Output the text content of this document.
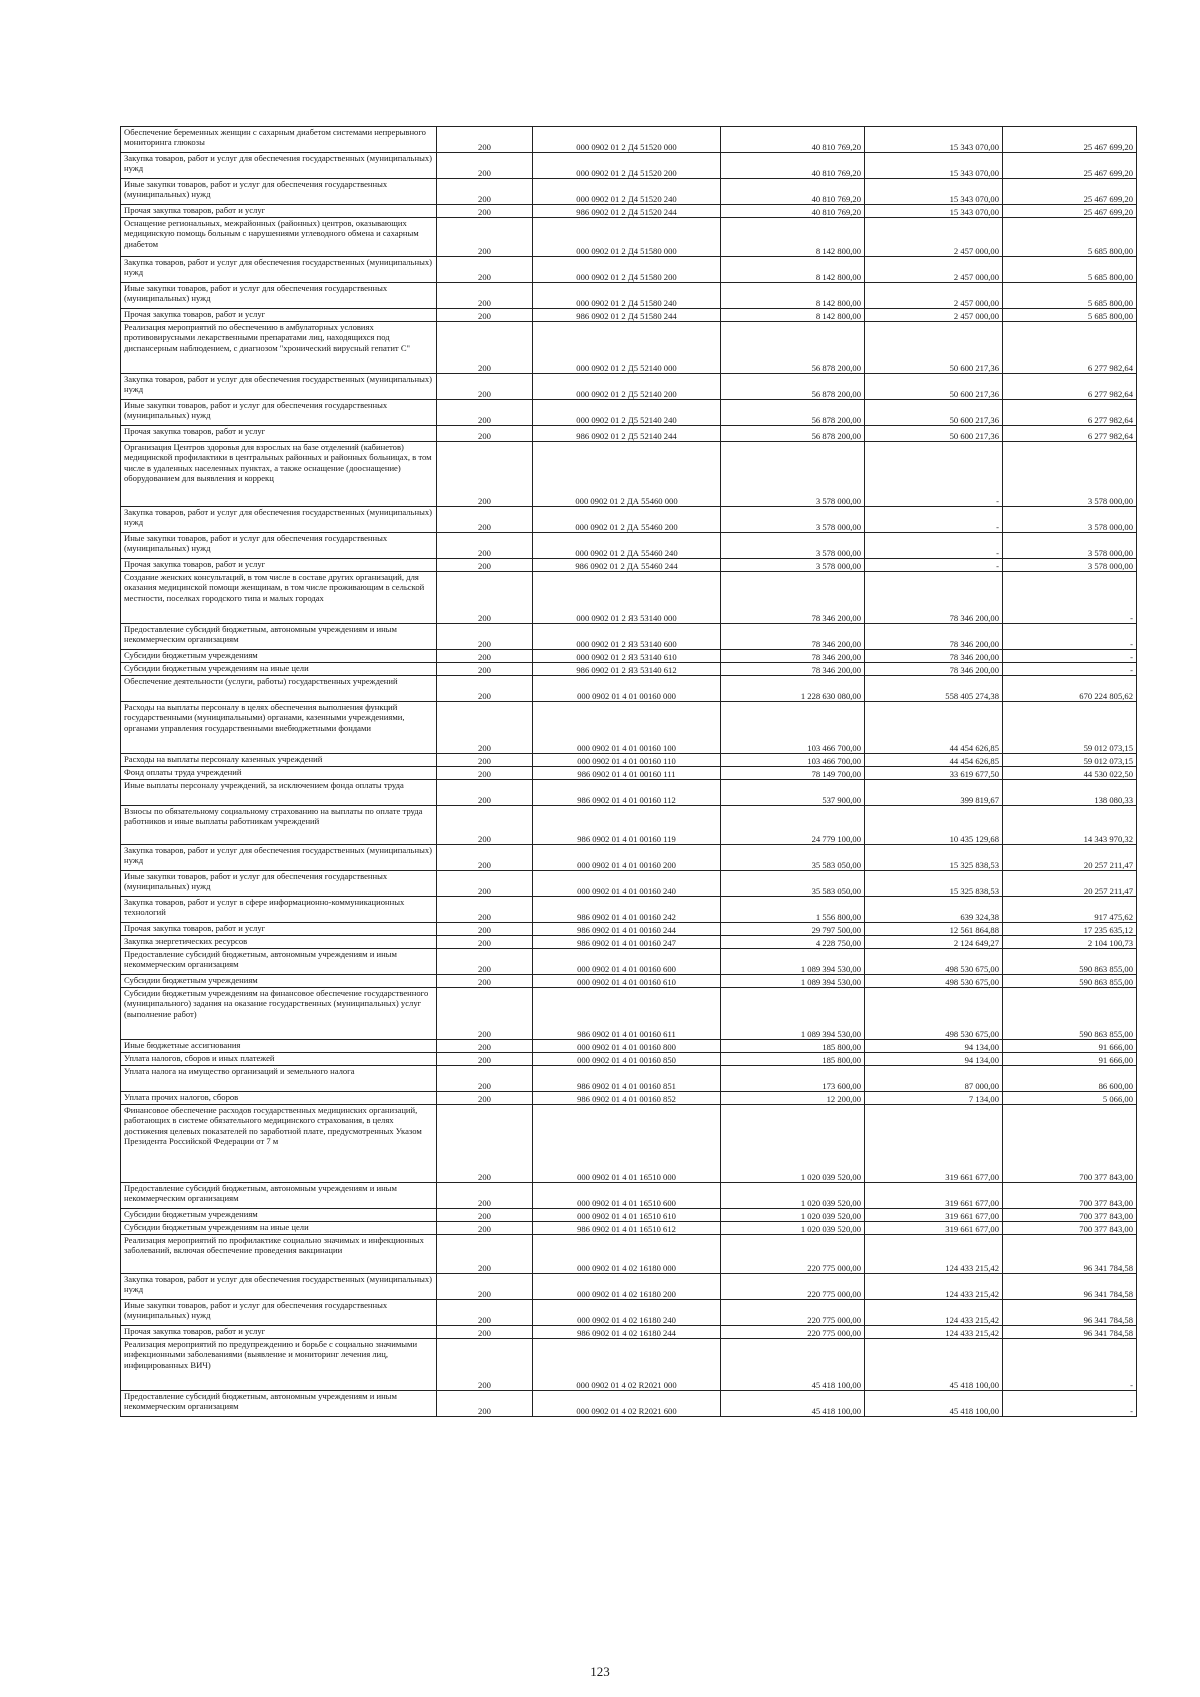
Обеспечение беременных женщин с сахарным диабетом системами непрерывного мониторинга глюкозы	200	000 0902 01 2 Д4 51520 000	40 810 769,20	15 343 070,00	25 467 699,20
Закупка товаров, работ и услуг для обеспечения государственных (муниципальных) нужд	200	000 0902 01 2 Д4 51520 200	40 810 769,20	15 343 070,00	25 467 699,20
Иные закупки товаров, работ и услуг для обеспечения государственных (муниципальных) нужд	200	000 0902 01 2 Д4 51520 240	40 810 769,20	15 343 070,00	25 467 699,20
Прочая закупка товаров, работ и услуг	200	986 0902 01 2 Д4 51520 244	40 810 769,20	15 343 070,00	25 467 699,20
Оснащение региональных, межрайонных (районных) центров, оказывающих медицинскую помощь больным с нарушениями углеводного обмена и сахарным диабетом	200	000 0902 01 2 Д4 51580 000	8 142 800,00	2 457 000,00	5 685 800,00
Закупка товаров, работ и услуг для обеспечения государственных (муниципальных) нужд	200	000 0902 01 2 Д4 51580 200	8 142 800,00	2 457 000,00	5 685 800,00
Иные закупки товаров, работ и услуг для обеспечения государственных (муниципальных) нужд	200	000 0902 01 2 Д4 51580 240	8 142 800,00	2 457 000,00	5 685 800,00
Прочая закупка товаров, работ и услуг	200	986 0902 01 2 Д4 51580 244	8 142 800,00	2 457 000,00	5 685 800,00
Реализация мероприятий по обеспечению в амбулаторных условиях противовирусными лекарственными препаратами лиц, находящихся под диспансерным наблюдением, с диагнозом "хронический вирусный гепатит С"	200	000 0902 01 2 Д5 52140 000	56 878 200,00	50 600 217,36	6 277 982,64
Закупка товаров, работ и услуг для обеспечения государственных (муниципальных) нужд	200	000 0902 01 2 Д5 52140 200	56 878 200,00	50 600 217,36	6 277 982,64
Иные закупки товаров, работ и услуг для обеспечения государственных (муниципальных) нужд	200	000 0902 01 2 Д5 52140 240	56 878 200,00	50 600 217,36	6 277 982,64
Прочая закупка товаров, работ и услуг	200	986 0902 01 2 Д5 52140 244	56 878 200,00	50 600 217,36	6 277 982,64
Организация Центров здоровья для взрослых на базе отделений (кабинетов) медицинской профилактики в центральных районных и районных больницах, в том числе в удаленных населенных пунктах, а также оснащение (дооснащение) оборудованием для выявления и коррекц	200	000 0902 01 2 ДА 55460 000	3 578 000,00	-	3 578 000,00
Закупка товаров, работ и услуг для обеспечения государственных (муниципальных) нужд	200	000 0902 01 2 ДА 55460 200	3 578 000,00	-	3 578 000,00
Иные закупки товаров, работ и услуг для обеспечения государственных (муниципальных) нужд	200	000 0902 01 2 ДА 55460 240	3 578 000,00	-	3 578 000,00
Прочая закупка товаров, работ и услуг	200	986 0902 01 2 ДА 55460 244	3 578 000,00	-	3 578 000,00
Создание женских консультаций, в том числе в составе других организаций, для оказания медицинской помощи женщинам, в том числе проживающим в сельской местности, поселках городского типа и малых городах	200	000 0902 01 2 Я3 53140 000	78 346 200,00	78 346 200,00	-
Предоставление субсидий бюджетным, автономным учреждениям и иным некоммерческим организациям	200	000 0902 01 2 Я3 53140 600	78 346 200,00	78 346 200,00	-
Субсидии бюджетным учреждениям	200	000 0902 01 2 Я3 53140 610	78 346 200,00	78 346 200,00	-
Субсидии бюджетным учреждениям на иные цели	200	986 0902 01 2 Я3 53140 612	78 346 200,00	78 346 200,00	-
Обеспечение деятельности (услуги, работы) государственных учреждений	200	000 0902 01 4 01 00160 000	1 228 630 080,00	558 405 274,38	670 224 805,62
Расходы на выплаты персоналу в целях обеспечения выполнения функций государственными (муниципальными) органами, казенными учреждениями, органами управления государственными внебюджетными фондами	200	000 0902 01 4 01 00160 100	103 466 700,00	44 454 626,85	59 012 073,15
Расходы на выплаты персоналу казенных учреждений	200	000 0902 01 4 01 00160 110	103 466 700,00	44 454 626,85	59 012 073,15
Фонд оплаты труда учреждений	200	986 0902 01 4 01 00160 111	78 149 700,00	33 619 677,50	44 530 022,50
Иные выплаты персоналу учреждений, за исключением фонда оплаты труда	200	986 0902 01 4 01 00160 112	537 900,00	399 819,67	138 080,33
Взносы по обязательному социальному страхованию на выплаты по оплате труда работников и иные выплаты работникам учреждений	200	986 0902 01 4 01 00160 119	24 779 100,00	10 435 129,68	14 343 970,32
Закупка товаров, работ и услуг для обеспечения государственных (муниципальных) нужд	200	000 0902 01 4 01 00160 200	35 583 050,00	15 325 838,53	20 257 211,47
Иные закупки товаров, работ и услуг для обеспечения государственных (муниципальных) нужд	200	000 0902 01 4 01 00160 240	35 583 050,00	15 325 838,53	20 257 211,47
Закупка товаров, работ и услуг в сфере информационно-коммуникационных технологий	200	986 0902 01 4 01 00160 242	1 556 800,00	639 324,38	917 475,62
Прочая закупка товаров, работ и услуг	200	986 0902 01 4 01 00160 244	29 797 500,00	12 561 864,88	17 235 635,12
Закупка энергетических ресурсов	200	986 0902 01 4 01 00160 247	4 228 750,00	2 124 649,27	2 104 100,73
Предоставление субсидий бюджетным, автономным учреждениям и иным некоммерческим организациям	200	000 0902 01 4 01 00160 600	1 089 394 530,00	498 530 675,00	590 863 855,00
Субсидии бюджетным учреждениям	200	000 0902 01 4 01 00160 610	1 089 394 530,00	498 530 675,00	590 863 855,00
Субсидии бюджетным учреждениям на финансовое обеспечение государственного (муниципального) задания на оказание государственных (муниципальных) услуг (выполнение работ)	200	986 0902 01 4 01 00160 611	1 089 394 530,00	498 530 675,00	590 863 855,00
Иные бюджетные ассигнования	200	000 0902 01 4 01 00160 800	185 800,00	94 134,00	91 666,00
Уплата налогов, сборов и иных платежей	200	000 0902 01 4 01 00160 850	185 800,00	94 134,00	91 666,00
Уплата налога на имущество организаций и земельного налога	200	986 0902 01 4 01 00160 851	173 600,00	87 000,00	86 600,00
Уплата прочих налогов, сборов	200	986 0902 01 4 01 00160 852	12 200,00	7 134,00	5 066,00
Финансовое обеспечение расходов государственных медицинских организаций, работающих в системе обязательного медицинского страхования, в целях достижения целевых показателей по заработной плате, предусмотренных Указом Президента Российской Федерации от 7 м	200	000 0902 01 4 01 16510 000	1 020 039 520,00	319 661 677,00	700 377 843,00
Предоставление субсидий бюджетным, автономным учреждениям и иным некоммерческим организациям	200	000 0902 01 4 01 16510 600	1 020 039 520,00	319 661 677,00	700 377 843,00
Субсидии бюджетным учреждениям	200	000 0902 01 4 01 16510 610	1 020 039 520,00	319 661 677,00	700 377 843,00
Субсидии бюджетным учреждениям на иные цели	200	986 0902 01 4 01 16510 612	1 020 039 520,00	319 661 677,00	700 377 843,00
Реализация мероприятий по профилактике социально значимых и инфекционных заболеваний, включая обеспечение проведения вакцинации	200	000 0902 01 4 02 16180 000	220 775 000,00	124 433 215,42	96 341 784,58
Закупка товаров, работ и услуг для обеспечения государственных (муниципальных) нужд	200	000 0902 01 4 02 16180 200	220 775 000,00	124 433 215,42	96 341 784,58
Иные закупки товаров, работ и услуг для обеспечения государственных (муниципальных) нужд	200	000 0902 01 4 02 16180 240	220 775 000,00	124 433 215,42	96 341 784,58
Прочая закупка товаров, работ и услуг	200	986 0902 01 4 02 16180 244	220 775 000,00	124 433 215,42	96 341 784,58
Реализация мероприятий по предупреждению и борьбе с социально значимыми инфекционными заболеваниями (выявление и мониторинг лечения лиц, инфицированных ВИЧ)	200	000 0902 01 4 02 R2021 000	45 418 100,00	45 418 100,00	-
Предоставление субсидий бюджетным, автономным учреждениям и иным некоммерческим организациям	200	000 0902 01 4 02 R2021 600	45 418 100,00	45 418 100,00	-
123
